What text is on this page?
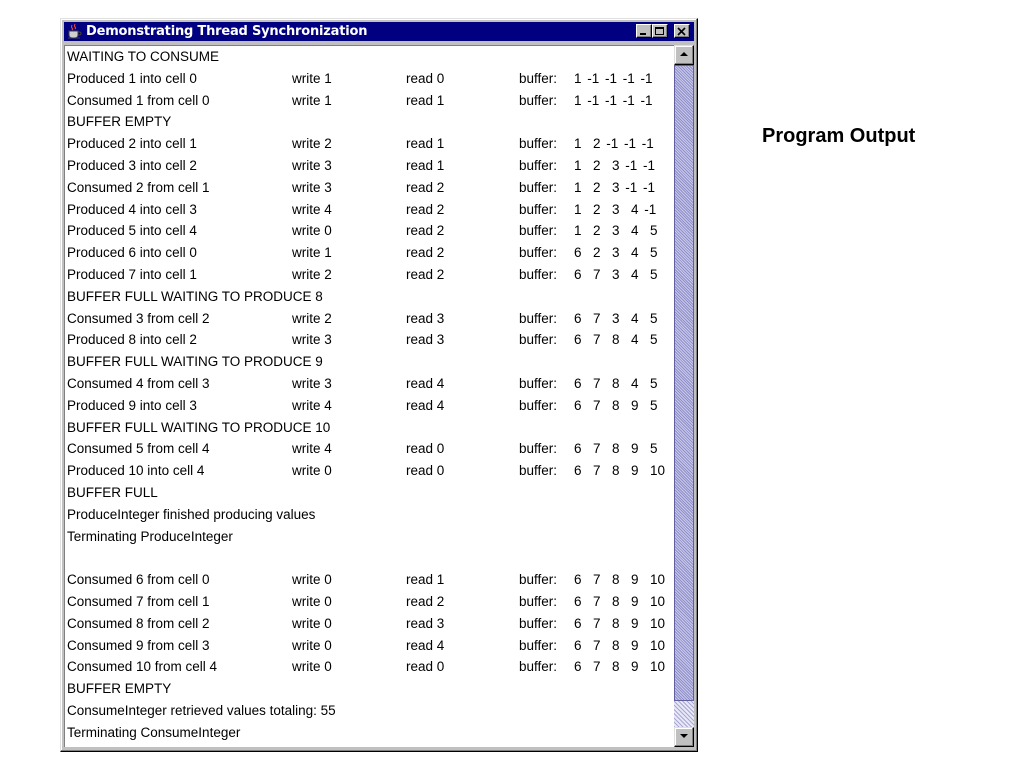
Demonstrating Thread Synchronization
WAITING TO CONSUME
Produced 1 into cell 0	write 1	read 0	buffer: 1 -1 -1 -1 -1
Consumed 1 from cell 0	write 1	read 1	buffer: 1 -1 -1 -1 -1
BUFFER EMPTY
Produced 2 into cell 1	write 2	read 1	buffer: 1  2 -1 -1 -1
Produced 3 into cell 2	write 3	read 1	buffer: 1  2  3 -1 -1
Consumed 2 from cell 1	write 3	read 2	buffer: 1  2  3 -1 -1
Produced 4 into cell 3	write 4	read 2	buffer: 1  2  3  4 -1
Produced 5 into cell 4	write 0	read 2	buffer: 1  2  3  4  5
Produced 6 into cell 0	write 1	read 2	buffer: 6  2  3  4  5
Produced 7 into cell 1	write 2	read 2	buffer: 6  7  3  4  5
BUFFER FULL WAITING TO PRODUCE 8
Consumed 3 from cell 2	write 2	read 3	buffer: 6  7  3  4  5
Produced 8 into cell 2	write 3	read 3	buffer: 6  7  8  4  5
BUFFER FULL WAITING TO PRODUCE 9
Consumed 4 from cell 3	write 3	read 4	buffer: 6  7  8  4  5
Produced 9 into cell 3	write 4	read 4	buffer: 6  7  8  9  5
BUFFER FULL WAITING TO PRODUCE 10
Consumed 5 from cell 4	write 4	read 0	buffer: 6  7  8  9  5
Produced 10 into cell 4	write 0	read 0	buffer: 6  7  8  9  10
BUFFER FULL
ProduceInteger finished producing values
Terminating ProduceInteger
Consumed 6 from cell 0	write 0	read 1	buffer: 6  7  8  9  10
Consumed 7 from cell 1	write 0	read 2	buffer: 6  7  8  9  10
Consumed 8 from cell 2	write 0	read 3	buffer: 6  7  8  9  10
Consumed 9 from cell 3	write 0	read 4	buffer: 6  7  8  9  10
Consumed 10 from cell 4	write 0	read 0	buffer: 6  7  8  9  10
BUFFER EMPTY
ConsumeInteger retrieved values totaling: 55
Terminating ConsumeInteger
Program Output
